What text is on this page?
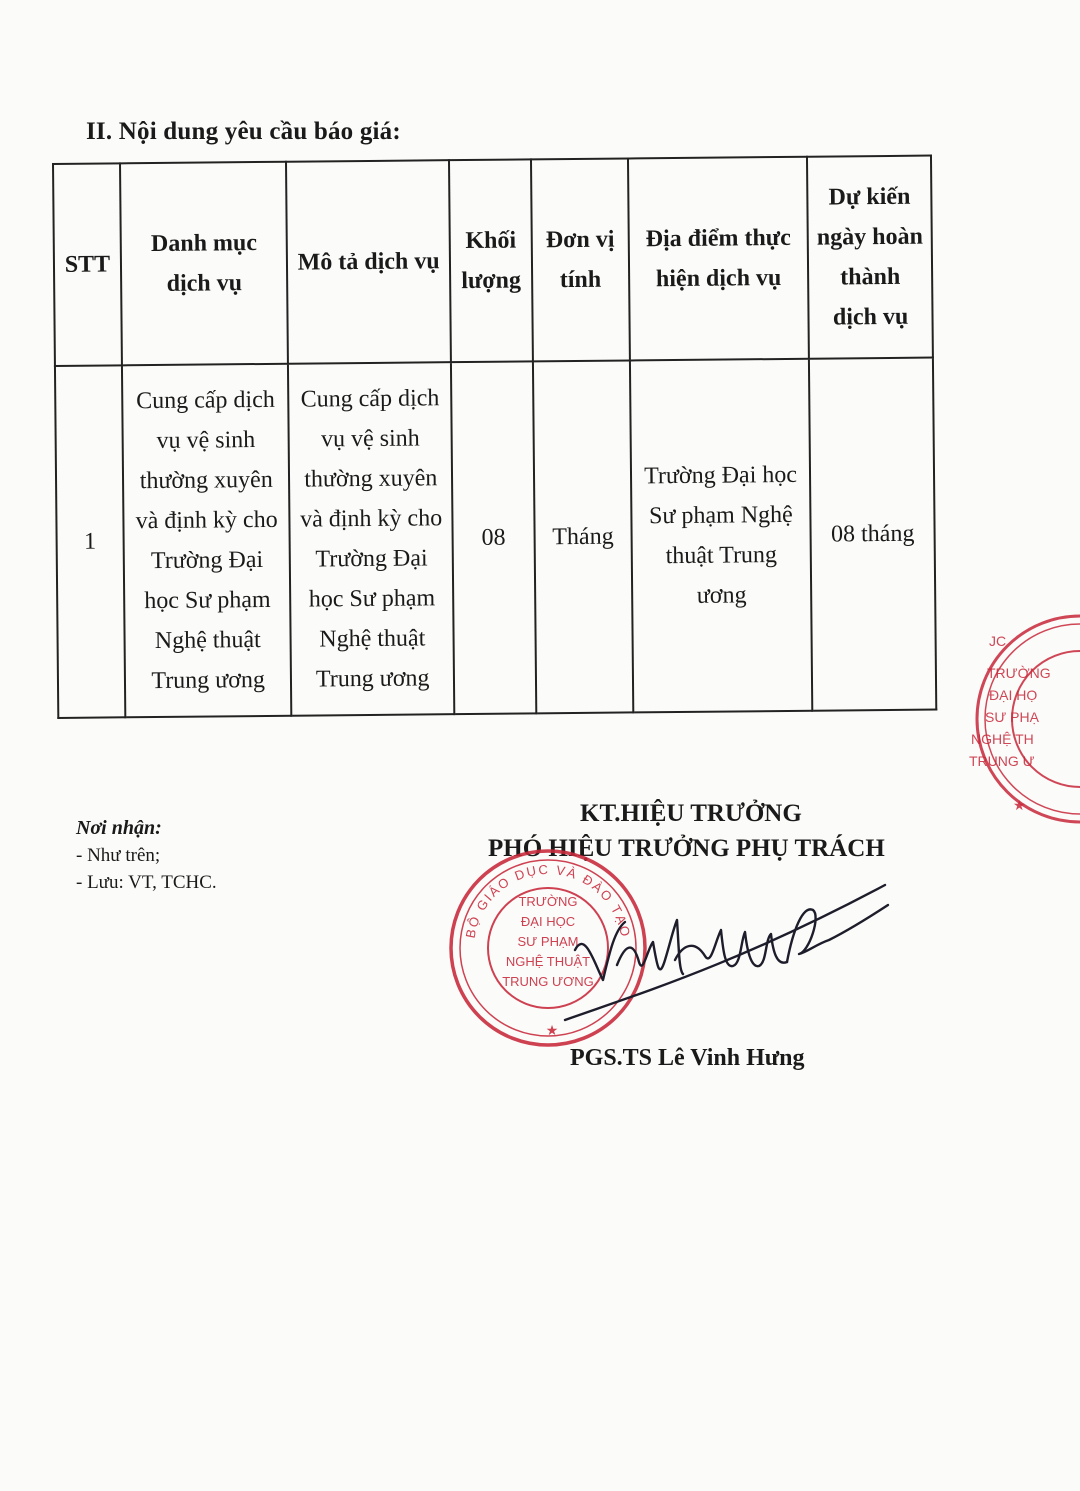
II. Nội dung yêu cầu báo giá:
STT	Danh mục dịch vụ	Mô tả dịch vụ	Khối lượng	Đơn vị tính	Địa điểm thực hiện dịch vụ	Dự kiến ngày hoàn thành dịch vụ
1	Cung cấp dịch vụ vệ sinh thường xuyên và định kỳ cho Trường Đại học Sư phạm Nghệ thuật Trung ương	Cung cấp dịch vụ vệ sinh thường xuyên và định kỳ cho Trường Đại học Sư phạm Nghệ thuật Trung ương	08	Tháng	Trường Đại học Sư phạm Nghệ thuật Trung ương	08 tháng
Nơi nhận:
- Như trên;
- Lưu: VT, TCHC.
KT.HIỆU TRƯỞNG
PHÓ HIỆU TRƯỞNG PHỤ TRÁCH
JC
TRƯỜNG
ĐẠI HỌ
SƯ PHẠ
NGHỆ TH
TRUNG Ư
★
BỘ GIÁO DỤC VÀ ĐÀO TẠO
TRƯỜNG
ĐẠI HỌC
SƯ PHẠM
NGHỆ THUẬT
TRUNG ƯƠNG
★
PGS.TS Lê Vinh Hưng
